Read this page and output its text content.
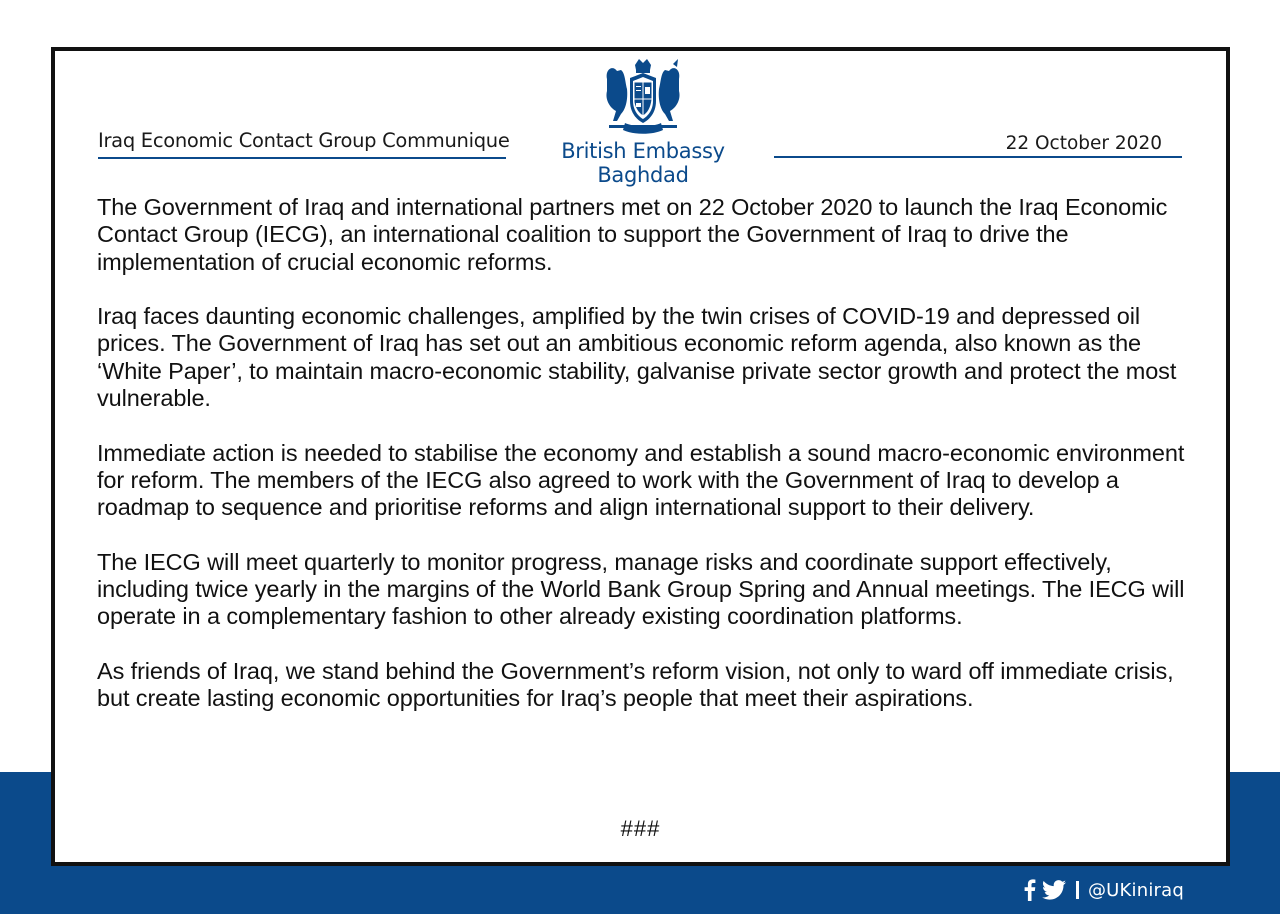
Iraq Economic Contact Group Communique British Embassy
Baghdad
22 October 2020

The Government of Iraq and international partners met on 22 October 2020 to launch the Iraq Economic Contact Group (IECG), an international coalition to support the Government of Iraq to drive the implementation of crucial economic reforms.

Iraq faces daunting economic challenges, amplified by the twin crises of COVID-19 and depressed oil prices. The Government of Iraq has set out an ambitious economic reform agenda, also known as the ‘White Paper’, to maintain macro-economic stability, galvanise private sector growth and protect the most vulnerable.

Immediate action is needed to stabilise the economy and establish a sound macro-economic environment for reform. The members of the IECG also agreed to work with the Government of Iraq to develop a roadmap to sequence and prioritise reforms and align international support to their delivery.

The IECG will meet quarterly to monitor progress, manage risks and coordinate support effectively, including twice yearly in the margins of the World Bank Group Spring and Annual meetings. The IECG will operate in a complementary fashion to other already existing coordination platforms.

As friends of Iraq, we stand behind the Government’s reform vision, not only to ward off immediate crisis, but create lasting economic opportunities for Iraq’s people that meet their aspirations.

###
@UKiniraq
